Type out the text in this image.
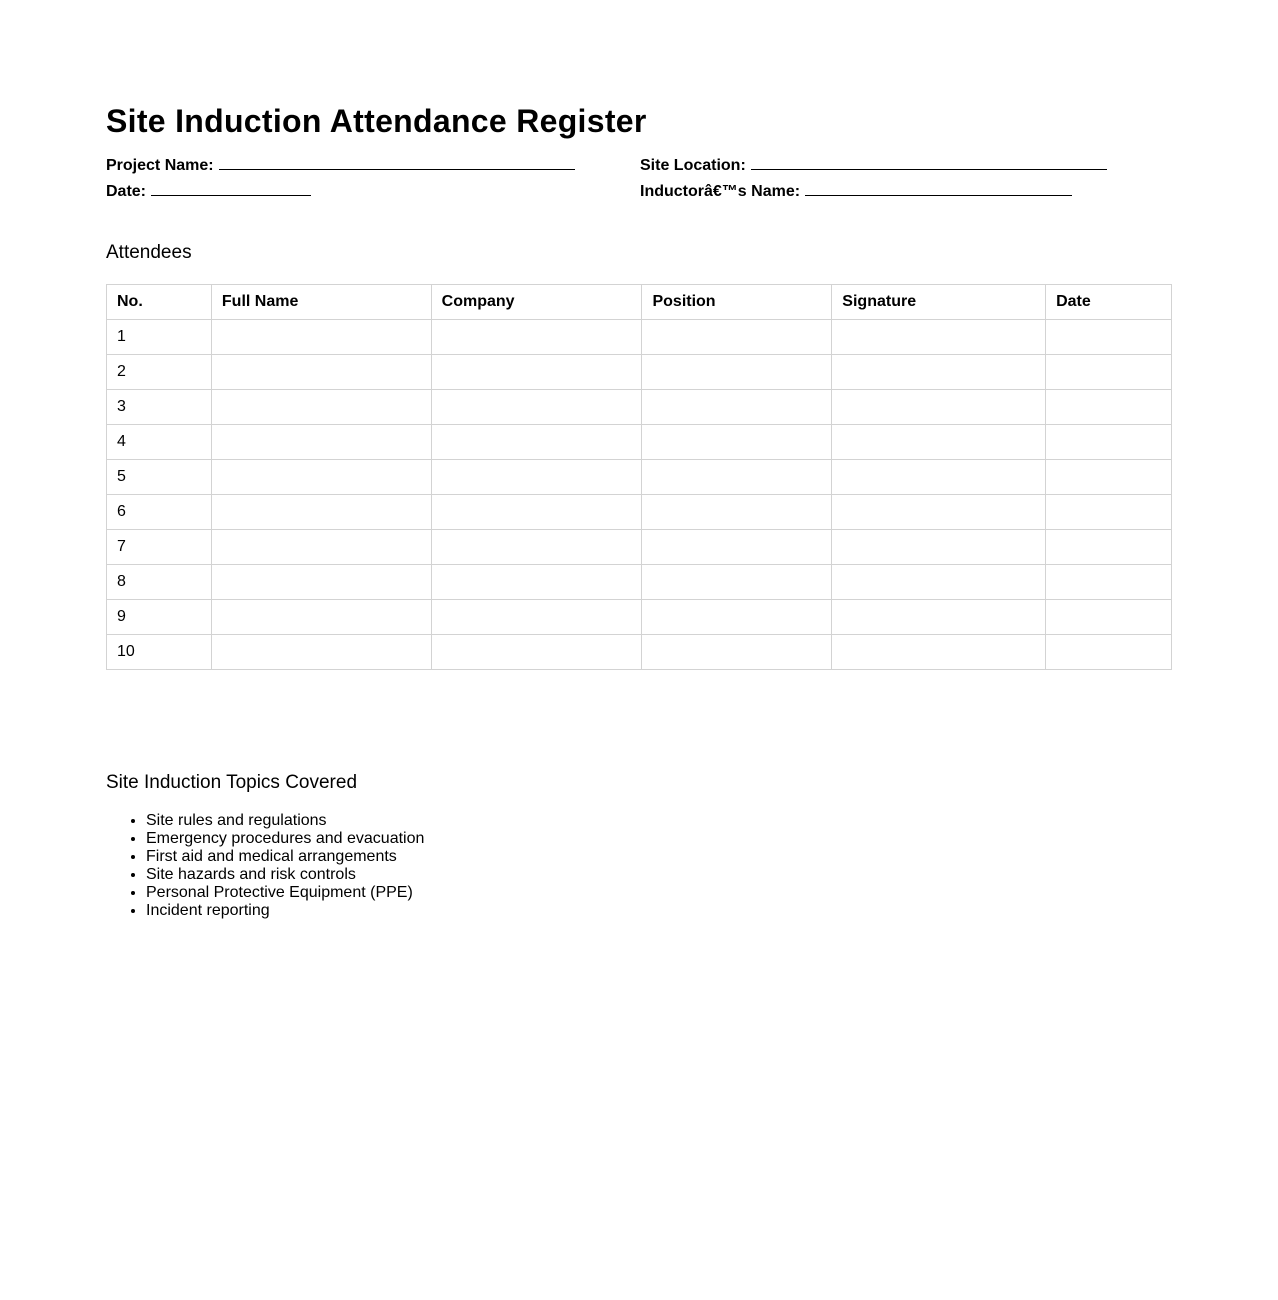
Site Induction Attendance Register
Project Name:	Site Location:
Date:	Inductorâ€™s Name:
Attendees
No.	Full Name	Company	Position	Signature	Date
1					
2					
3					
4					
5					
6					
7					
8					
9					
10					
Site Induction Topics Covered
• Site rules and regulations
• Emergency procedures and evacuation
• First aid and medical arrangements
• Site hazards and risk controls
• Personal Protective Equipment (PPE)
• Incident reporting
